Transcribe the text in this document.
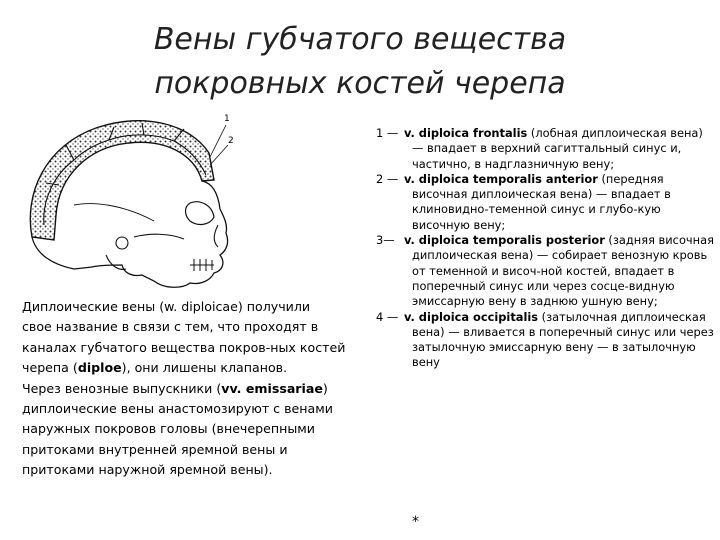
Вены губчатого вещества
покровных костей черепа
1
2

1 — v. diploica frontalis (лобная диплоическая вена) — впадает в верхний сагиттальный синус и, частично, в надглазничную вену;

2 — v. diploica temporalis anterior (передняя височная диплоическая вена) — впадает в клиновидно-теменной синус и глубо-кую височную вену;

3— v. diploica temporalis posterior (задняя височная диплоическая вена) — собирает венозную кровь от теменной и височ-ной костей, впадает в поперечный синус или через сосце-видную эмиссарную вену в заднюю ушную вену;

4 — v. diploica occipitalis (затылочная диплоическая вена) — вливается в поперечный синус или через затылочную эмиссарную вену — в затылочную вену

Диплоические вены (w. diploicae) получили
свое название в связи с тем, что проходят в
каналах губчатого вещества покров-ных костей
черепа (diploe), они лишены клапанов.
Через венозные выпускники (vv. emissariae)
диплоические вены анастомозируют с венами
наружных покровов головы (внечерепными
притоками внутренней яремной вены и
притоками наружной яремной вены).
*
